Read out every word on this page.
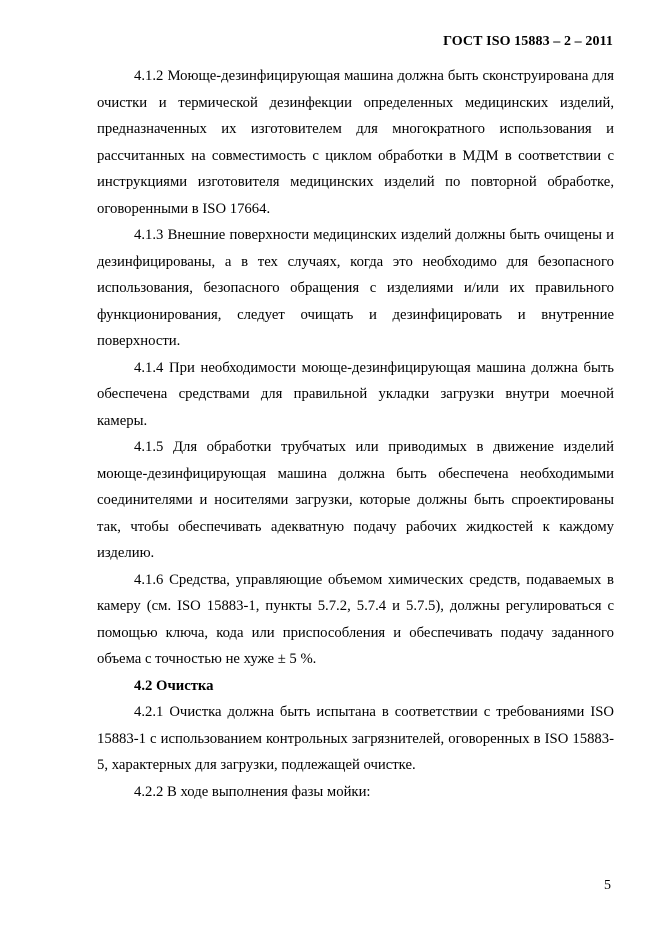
ГОСТ ISO 15883 – 2 – 2011

4.1.2 Моюще-дезинфицирующая машина должна быть сконструирована для очистки и термической дезинфекции определенных медицинских изделий, предназначенных их изготовителем для многократного использования и рассчитанных на совместимость с циклом обработки в МДМ в соответствии с инструкциями изготовителя медицинских изделий по повторной обработке, оговоренными в ISO 17664.

4.1.3 Внешние поверхности медицинских изделий должны быть очищены и дезинфицированы, а в тех случаях, когда это необходимо для безопасного использования, безопасного обращения с изделиями и/или их правильного функционирования, следует очищать и дезинфицировать и внутренние поверхности.

4.1.4 При необходимости моюще-дезинфицирующая машина должна быть обеспечена средствами для правильной укладки загрузки внутри моечной камеры.

4.1.5 Для обработки трубчатых или приводимых в движение изделий моюще-дезинфицирующая машина должна быть обеспечена необходимыми соединителями и носителями загрузки, которые должны быть спроектированы так, чтобы обеспечивать адекватную подачу рабочих жидкостей к каждому изделию.

4.1.6 Средства, управляющие объемом химических средств, подаваемых в камеру (см. ISO 15883-1, пункты 5.7.2, 5.7.4 и 5.7.5), должны регулироваться с помощью ключа, кода или приспособления и обеспечивать подачу заданного объема с точностью не хуже ± 5 %.

4.2 Очистка

4.2.1 Очистка должна быть испытана в соответствии с требованиями ISO 15883-1 с использованием контрольных загрязнителей, оговоренных в ISO 15883-5, характерных для загрузки, подлежащей очистке.

4.2.2 В ходе выполнения фазы мойки:

5
